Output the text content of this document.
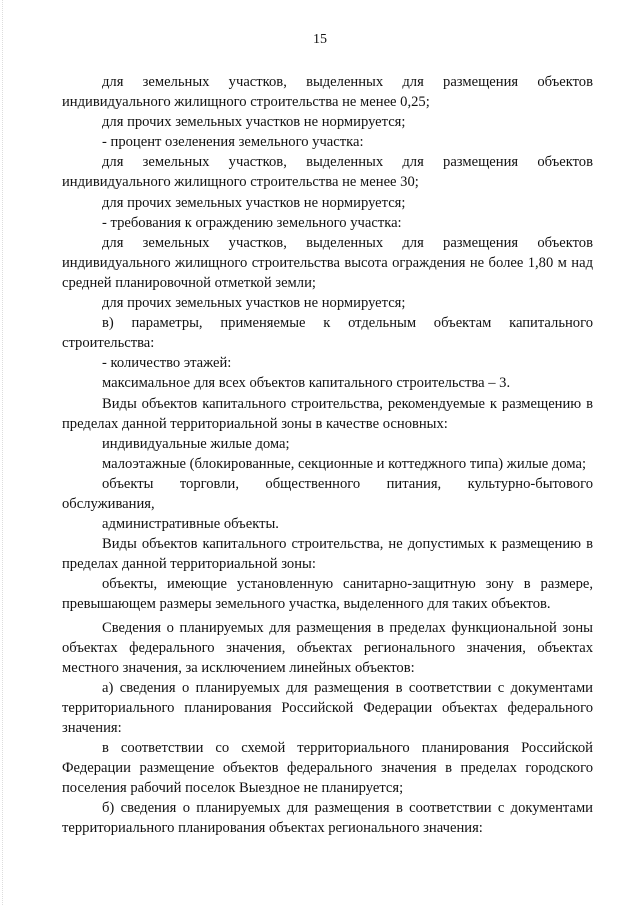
15

для земельных участков, выделенных для размещения объектов индивидуального жилищного строительства не менее 0,25;

для прочих земельных участков не нормируется;

- процент озеленения земельного участка:

для земельных участков, выделенных для размещения объектов индивидуального жилищного строительства не менее 30;

для прочих земельных участков не нормируется;

- требования к ограждению земельного участка:

для земельных участков, выделенных для размещения объектов индивидуального жилищного строительства высота ограждения не более 1,80 м над средней планировочной отметкой земли;

для прочих земельных участков не нормируется;

в) параметры, применяемые к отдельным объектам капитального строительства:

- количество этажей:

максимальное для всех объектов капитального строительства – 3.

Виды объектов капитального строительства, рекомендуемые к размещению в пределах данной территориальной зоны в качестве основных:

индивидуальные жилые дома;

малоэтажные (блокированные, секционные и коттеджного типа) жилые дома;

объекты торговли, общественного питания, культурно-бытового обслуживания,

административные объекты.

Виды объектов капитального строительства, не допустимых к размещению в пределах данной территориальной зоны:

объекты, имеющие установленную санитарно-защитную зону в размере, превышающем размеры земельного участка, выделенного для таких объектов.

Сведения о планируемых для размещения в пределах функциональной зоны объектах федерального значения, объектах регионального значения, объектах местного значения, за исключением линейных объектов:

а) сведения о планируемых для размещения в соответствии с документами территориального планирования Российской Федерации объектах федерального значения:

в соответствии со схемой территориального планирования Российской Федерации размещение объектов федерального значения в пределах городского поселения рабочий поселок Выездное не планируется;

б) сведения о планируемых для размещения в соответствии с документами территориального планирования объектах регионального значения:
